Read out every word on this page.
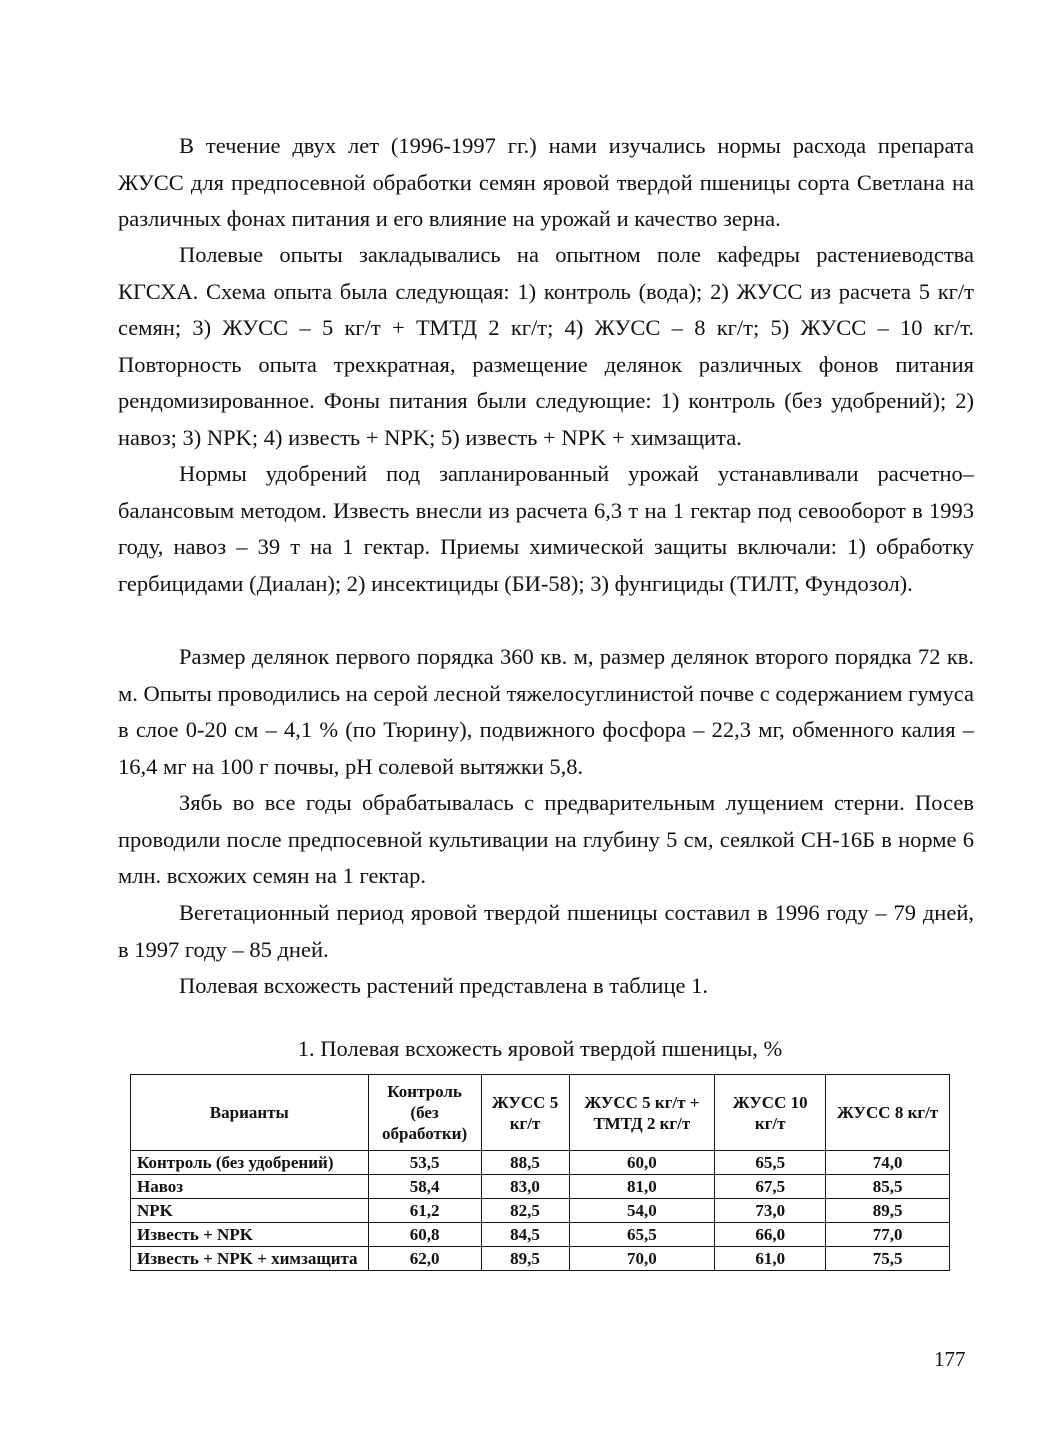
В течение двух лет (1996-1997 гг.) нами изучались нормы расхода препарата ЖУСС для предпосевной обработки семян яровой твердой пшеницы сорта Светлана на различных фонах питания и его влияние на урожай и качество зерна.

Полевые опыты закладывались на опытном поле кафедры растениеводства КГСХА. Схема опыта была следующая: 1) контроль (вода); 2) ЖУСС из расчета 5 кг/т семян; 3) ЖУСС – 5 кг/т + ТМТД 2 кг/т; 4) ЖУСС – 8 кг/т; 5) ЖУСС – 10 кг/т. Повторность опыта трехкратная, размещение делянок различных фонов питания рендомизированное. Фоны питания были следующие: 1) контроль (без удобрений); 2) навоз; 3) NPK; 4) известь + NPK; 5) известь + NPK + химзащита.

Нормы удобрений под запланированный урожай устанавливали расчетно–балансовым методом. Известь внесли из расчета 6,3 т на 1 гектар под севооборот в 1993 году, навоз – 39 т на 1 гектар. Приемы химической защиты включали: 1) обработку гербицидами (Диалан); 2) инсектициды (БИ-58); 3) фунгициды (ТИЛТ, Фундозол).

Размер делянок первого порядка 360 кв. м, размер делянок второго порядка 72 кв. м. Опыты проводились на серой лесной тяжелосуглинистой почве с содержанием гумуса в слое 0-20 см – 4,1 % (по Тюрину), подвижного фосфора – 22,3 мг, обменного калия – 16,4 мг на 100 г почвы, pH солевой вытяжки 5,8.

Зябь во все годы обрабатывалась с предварительным лущением стерни. Посев проводили после предпосевной культивации на глубину 5 см, сеялкой СН-16Б в норме 6 млн. всхожих семян на 1 гектар.

Вегетационный период яровой твердой пшеницы составил в 1996 году – 79 дней, в 1997 году – 85 дней.

Полевая всхожесть растений представлена в таблице 1.

1. Полевая всхожесть яровой твердой пшеницы, %
Варианты	Контроль (без обработки)	ЖУСС 5 кг/т	ЖУСС 5 кг/т + ТМТД 2 кг/т	ЖУСС 10 кг/т	ЖУСС 8 кг/т
Контроль (без удобрений)	53,5	88,5	60,0	65,5	74,0
Навоз	58,4	83,0	81,0	67,5	85,5
NPK	61,2	82,5	54,0	73,0	89,5
Известь + NPK	60,8	84,5	65,5	66,0	77,0
Известь + NPK + химзащита	62,0	89,5	70,0	61,0	75,5
177
